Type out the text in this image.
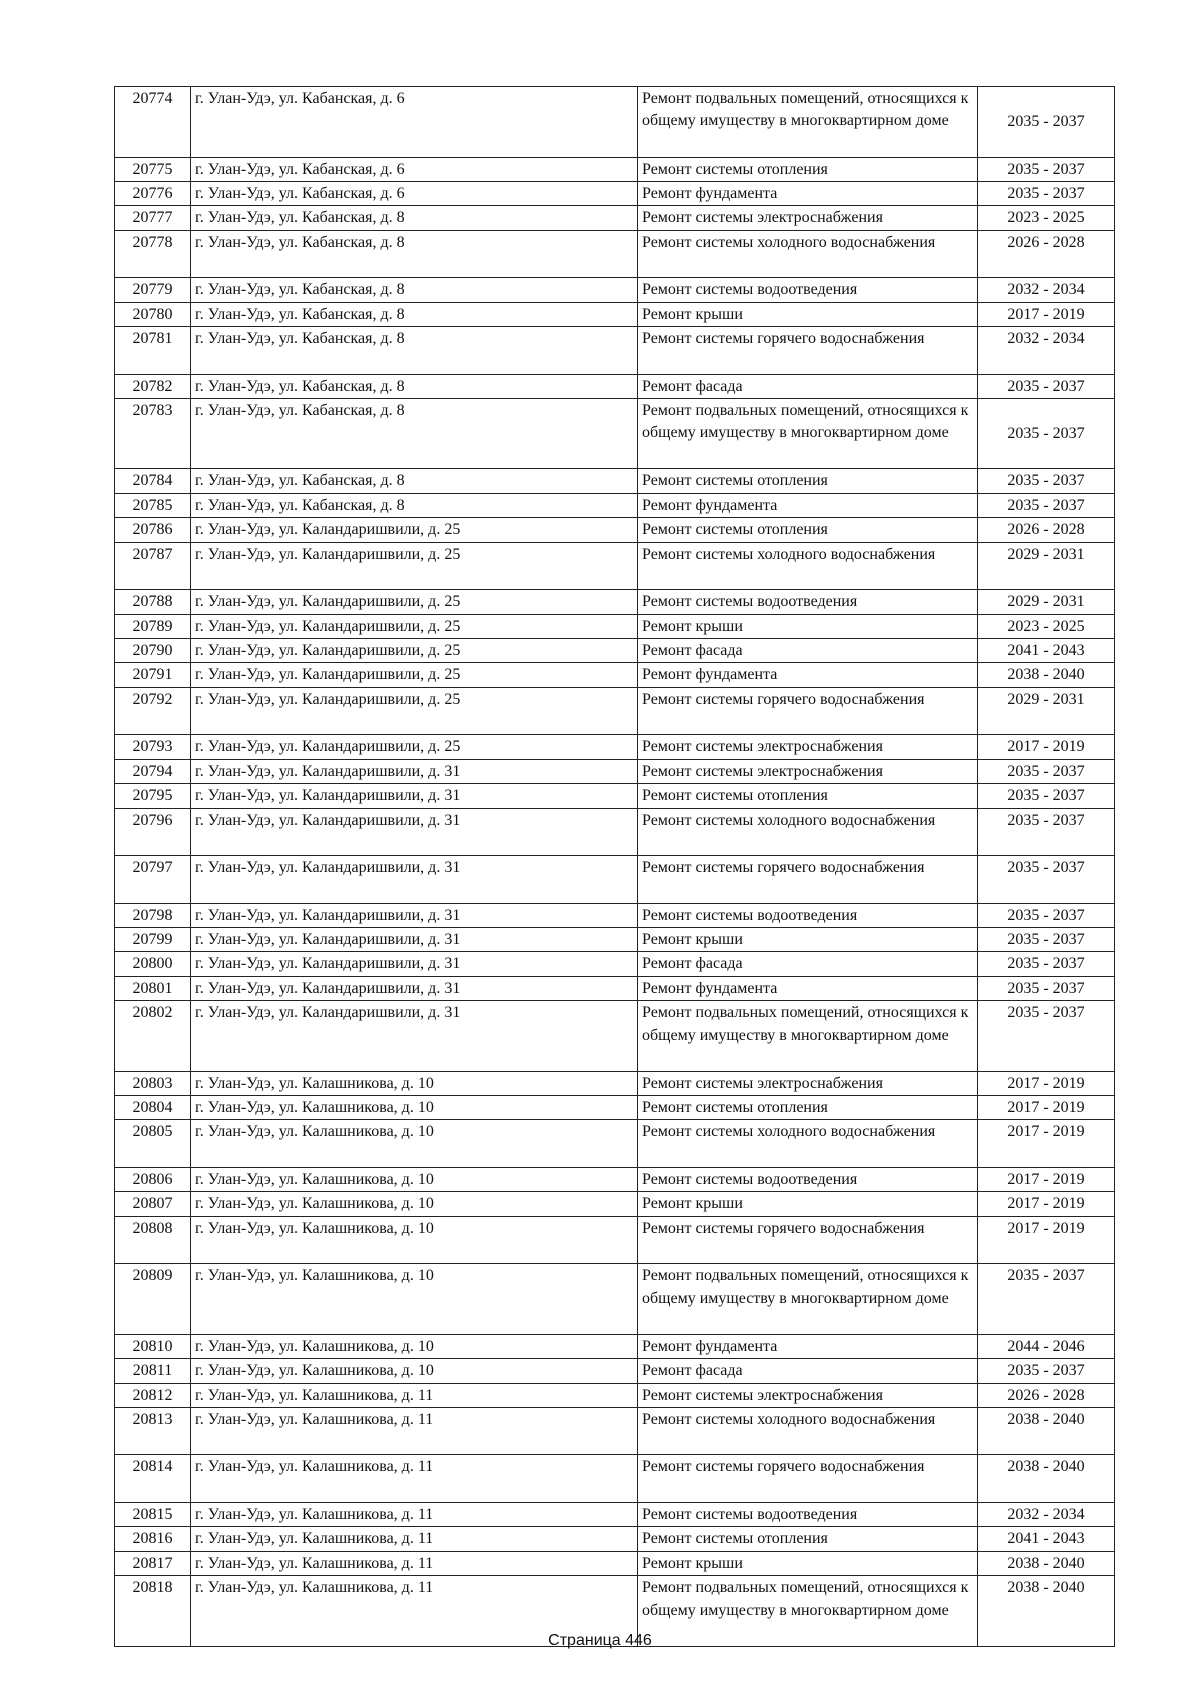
20774	г. Улан-Удэ, ул. Кабанская, д. 6	Ремонт подвальных помещений, относящихся к общему имуществу в многоквартирном доме	2035 - 2037
20775	г. Улан-Удэ, ул. Кабанская, д. 6	Ремонт системы отопления	2035 - 2037
20776	г. Улан-Удэ, ул. Кабанская, д. 6	Ремонт фундамента	2035 - 2037
20777	г. Улан-Удэ, ул. Кабанская, д. 8	Ремонт системы электроснабжения	2023 - 2025
20778	г. Улан-Удэ, ул. Кабанская, д. 8	Ремонт системы холодного водоснабжения	2026 - 2028
20779	г. Улан-Удэ, ул. Кабанская, д. 8	Ремонт системы водоотведения	2032 - 2034
20780	г. Улан-Удэ, ул. Кабанская, д. 8	Ремонт крыши	2017 - 2019
20781	г. Улан-Удэ, ул. Кабанская, д. 8	Ремонт системы горячего водоснабжения	2032 - 2034
20782	г. Улан-Удэ, ул. Кабанская, д. 8	Ремонт фасада	2035 - 2037
20783	г. Улан-Удэ, ул. Кабанская, д. 8	Ремонт подвальных помещений, относящихся к общему имуществу в многоквартирном доме	2035 - 2037
20784	г. Улан-Удэ, ул. Кабанская, д. 8	Ремонт системы отопления	2035 - 2037
20785	г. Улан-Удэ, ул. Кабанская, д. 8	Ремонт фундамента	2035 - 2037
20786	г. Улан-Удэ, ул. Каландаришвили, д. 25	Ремонт системы отопления	2026 - 2028
20787	г. Улан-Удэ, ул. Каландаришвили, д. 25	Ремонт системы холодного водоснабжения	2029 - 2031
20788	г. Улан-Удэ, ул. Каландаришвили, д. 25	Ремонт системы водоотведения	2029 - 2031
20789	г. Улан-Удэ, ул. Каландаришвили, д. 25	Ремонт крыши	2023 - 2025
20790	г. Улан-Удэ, ул. Каландаришвили, д. 25	Ремонт фасада	2041 - 2043
20791	г. Улан-Удэ, ул. Каландаришвили, д. 25	Ремонт фундамента	2038 - 2040
20792	г. Улан-Удэ, ул. Каландаришвили, д. 25	Ремонт системы горячего водоснабжения	2029 - 2031
20793	г. Улан-Удэ, ул. Каландаришвили, д. 25	Ремонт системы электроснабжения	2017 - 2019
20794	г. Улан-Удэ, ул. Каландаришвили, д. 31	Ремонт системы электроснабжения	2035 - 2037
20795	г. Улан-Удэ, ул. Каландаришвили, д. 31	Ремонт системы отопления	2035 - 2037
20796	г. Улан-Удэ, ул. Каландаришвили, д. 31	Ремонт системы холодного водоснабжения	2035 - 2037
20797	г. Улан-Удэ, ул. Каландаришвили, д. 31	Ремонт системы горячего водоснабжения	2035 - 2037
20798	г. Улан-Удэ, ул. Каландаришвили, д. 31	Ремонт системы водоотведения	2035 - 2037
20799	г. Улан-Удэ, ул. Каландаришвили, д. 31	Ремонт крыши	2035 - 2037
20800	г. Улан-Удэ, ул. Каландаришвили, д. 31	Ремонт фасада	2035 - 2037
20801	г. Улан-Удэ, ул. Каландаришвили, д. 31	Ремонт фундамента	2035 - 2037
20802	г. Улан-Удэ, ул. Каландаришвили, д. 31	Ремонт подвальных помещений, относящихся к общему имуществу в многоквартирном доме	2035 - 2037
20803	г. Улан-Удэ, ул. Калашникова, д. 10	Ремонт системы электроснабжения	2017 - 2019
20804	г. Улан-Удэ, ул. Калашникова, д. 10	Ремонт системы отопления	2017 - 2019
20805	г. Улан-Удэ, ул. Калашникова, д. 10	Ремонт системы холодного водоснабжения	2017 - 2019
20806	г. Улан-Удэ, ул. Калашникова, д. 10	Ремонт системы водоотведения	2017 - 2019
20807	г. Улан-Удэ, ул. Калашникова, д. 10	Ремонт крыши	2017 - 2019
20808	г. Улан-Удэ, ул. Калашникова, д. 10	Ремонт системы горячего водоснабжения	2017 - 2019
20809	г. Улан-Удэ, ул. Калашникова, д. 10	Ремонт подвальных помещений, относящихся к общему имуществу в многоквартирном доме	2035 - 2037
20810	г. Улан-Удэ, ул. Калашникова, д. 10	Ремонт фундамента	2044 - 2046
20811	г. Улан-Удэ, ул. Калашникова, д. 10	Ремонт фасада	2035 - 2037
20812	г. Улан-Удэ, ул. Калашникова, д. 11	Ремонт системы электроснабжения	2026 - 2028
20813	г. Улан-Удэ, ул. Калашникова, д. 11	Ремонт системы холодного водоснабжения	2038 - 2040
20814	г. Улан-Удэ, ул. Калашникова, д. 11	Ремонт системы горячего водоснабжения	2038 - 2040
20815	г. Улан-Удэ, ул. Калашникова, д. 11	Ремонт системы водоотведения	2032 - 2034
20816	г. Улан-Удэ, ул. Калашникова, д. 11	Ремонт системы отопления	2041 - 2043
20817	г. Улан-Удэ, ул. Калашникова, д. 11	Ремонт крыши	2038 - 2040
20818	г. Улан-Удэ, ул. Калашникова, д. 11	Ремонт подвальных помещений, относящихся к общему имуществу в многоквартирном доме	2038 - 2040
Страница 446
